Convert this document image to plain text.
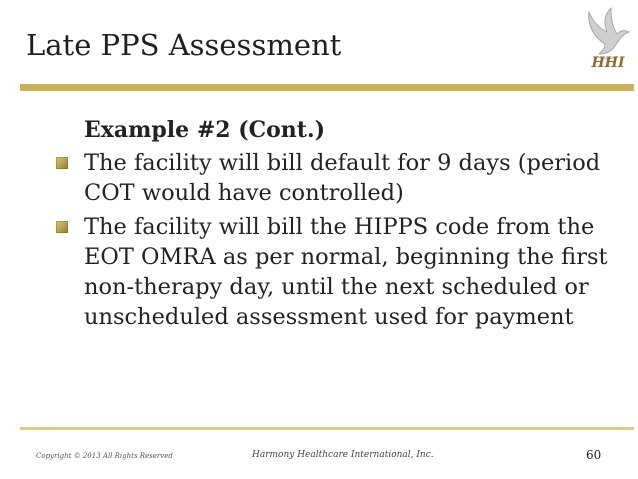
Late PPS Assessment
HHI
Example #2 (Cont.)
The facility will bill default for 9 days (period COT would have controlled)
The facility will bill the HIPPS code from the EOT OMRA as per normal, beginning the first non-therapy day, until the next scheduled or unscheduled assessment used for payment
Copyright © 2013 All Rights Reserved	Harmony Healthcare International, Inc.	60
